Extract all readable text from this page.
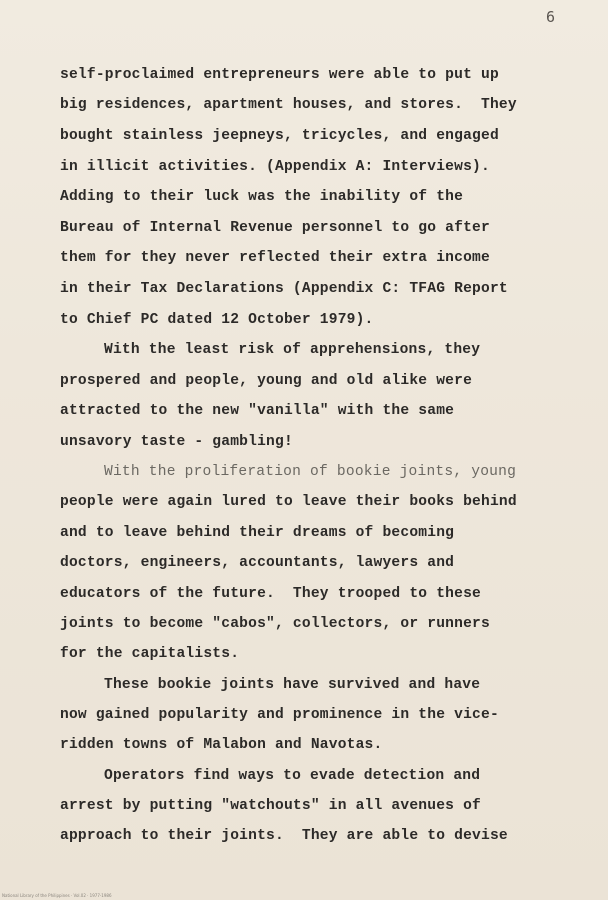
6
self-proclaimed entrepreneurs were able to put up
big residences, apartment houses, and stores.  They
bought stainless jeepneys, tricycles, and engaged
in illicit activities. (Appendix A: Interviews).
Adding to their luck was the inability of the
Bureau of Internal Revenue personnel to go after
them for they never reflected their extra income
in their Tax Declarations (Appendix C: TFAG Report
to Chief PC dated 12 October 1979).
With the least risk of apprehensions, they
prospered and people, young and old alike were
attracted to the new "vanilla" with the same
unsavory taste - gambling!
With the proliferation of bookie joints, young
people were again lured to leave their books behind
and to leave behind their dreams of becoming
doctors, engineers, accountants, lawyers and
educators of the future.  They trooped to these
joints to become "cabos", collectors, or runners
for the capitalists.
These bookie joints have survived and have
now gained popularity and prominence in the vice-
ridden towns of Malabon and Navotas.
Operators find ways to evade detection and
arrest by putting "watchouts" in all avenues of
approach to their joints.  They are able to devise
National Library of the Philippines · Vol.02 · 1977-1986
